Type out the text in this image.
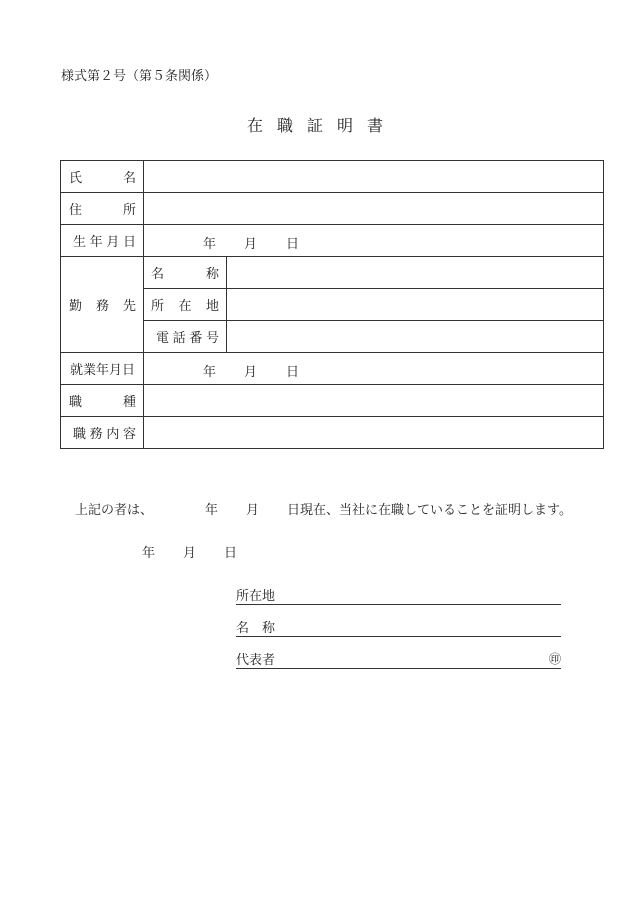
様式第２号（第５条関係）
在職証明書
氏 名		

住 所		

生 年 月 日	年 月 日	

勤 務 先	名 称	

	所 在 地	

	電 話 番 号	

就業年月日	年 月 日	

職 種		

職 務 内 容		

上記の者は、	年 月 日現在、当社に在職していることを証明します。
年 月 日
所在地
名　称
代表者	㊞
